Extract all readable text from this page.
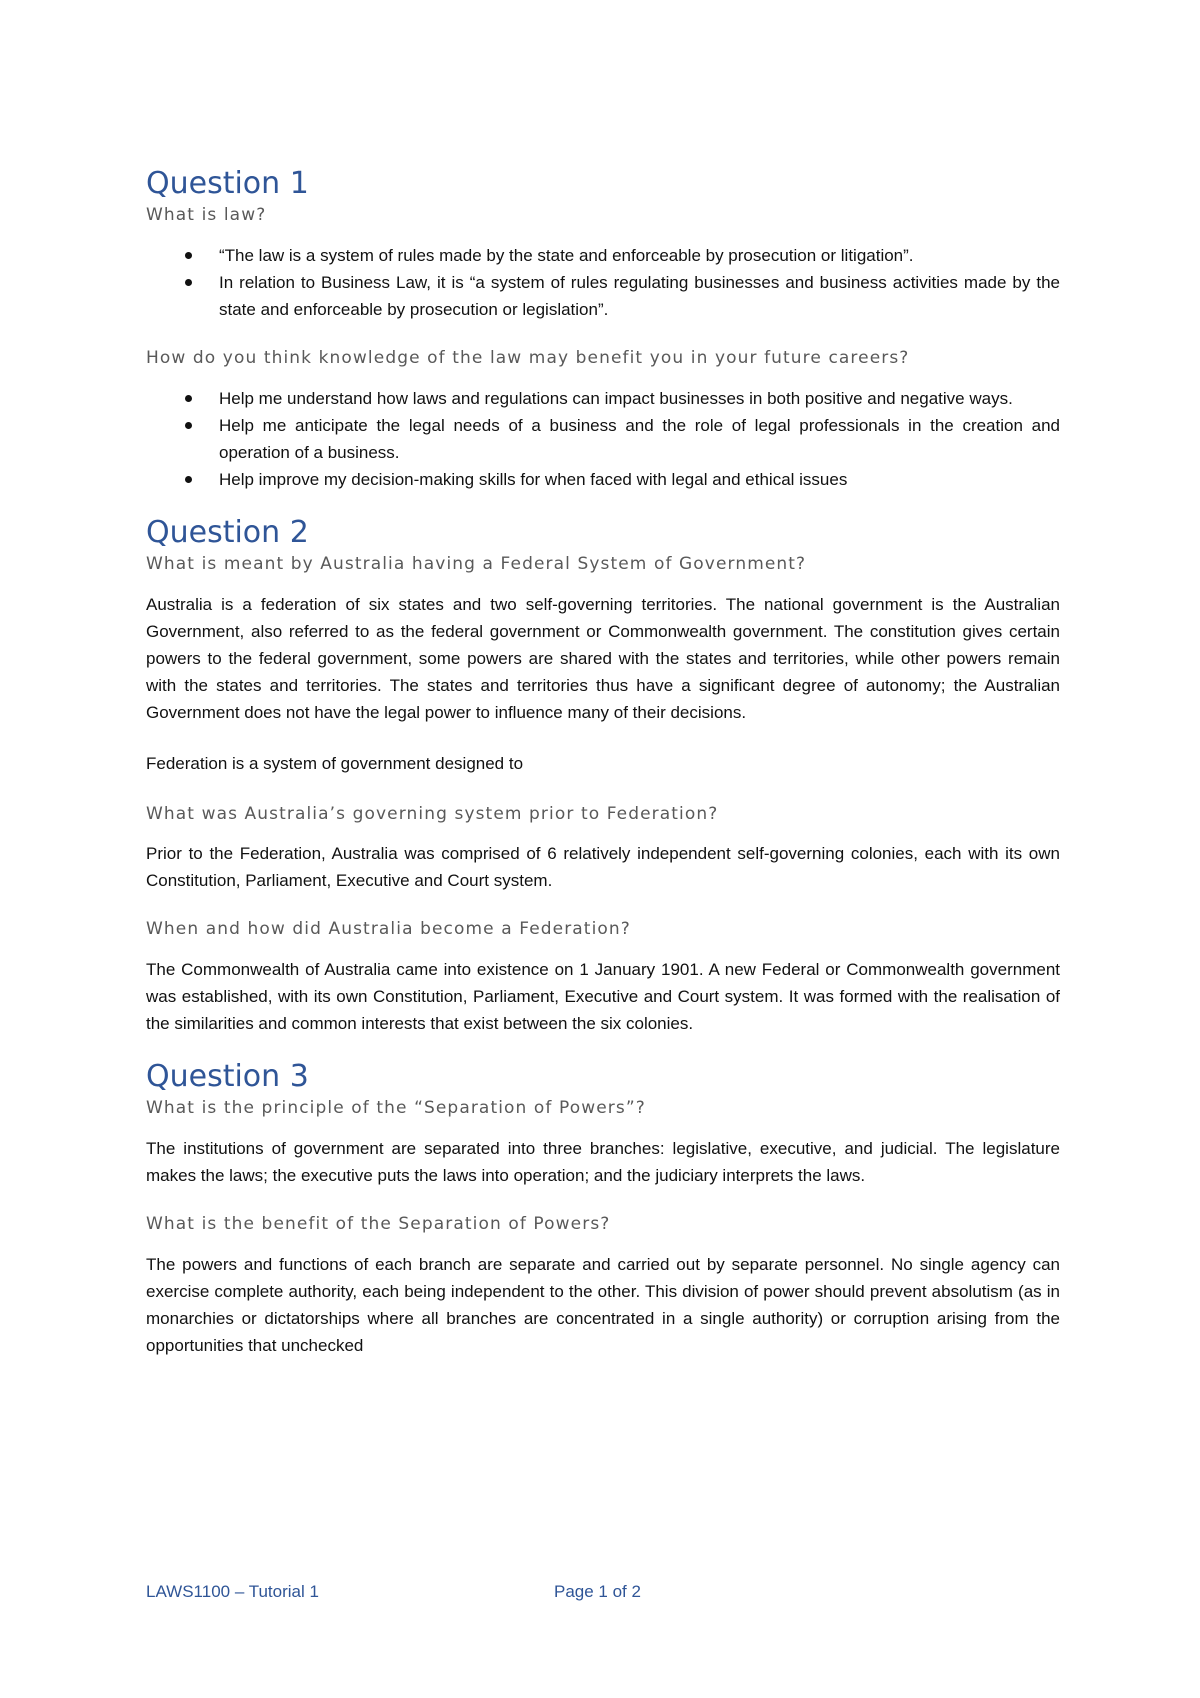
Question 1

What is law?

“The law is a system of rules made by the state and enforceable by prosecution or litigation”.
In relation to Business Law, it is “a system of rules regulating businesses and business activities made by the state and enforceable by prosecution or legislation”.

How do you think knowledge of the law may benefit you in your future careers?

Help me understand how laws and regulations can impact businesses in both positive and negative ways.
Help me anticipate the legal needs of a business and the role of legal professionals in the creation and operation of a business.
Help improve my decision-making skills for when faced with legal and ethical issues
Question 2

What is meant by Australia having a Federal System of Government?

Australia is a federation of six states and two self-governing territories. The national government is the Australian Government, also referred to as the federal government or Commonwealth government. The constitution gives certain powers to the federal government, some powers are shared with the states and territories, while other powers remain with the states and territories. The states and territories thus have a significant degree of autonomy; the Australian Government does not have the legal power to influence many of their decisions.

Federation is a system of government designed to

What was Australia’s governing system prior to Federation?

Prior to the Federation, Australia was comprised of 6 relatively independent self-governing colonies, each with its own Constitution, Parliament, Executive and Court system.

When and how did Australia become a Federation?

The Commonwealth of Australia came into existence on 1 January 1901. A new Federal or Commonwealth government was established, with its own Constitution, Parliament, Executive and Court system. It was formed with the realisation of the similarities and common interests that exist between the six colonies.

Question 3

What is the principle of the “Separation of Powers”?

The institutions of government are separated into three branches: legislative, executive, and judicial. The legislature makes the laws; the executive puts the laws into operation; and the judiciary interprets the laws.

What is the benefit of the Separation of Powers?

The powers and functions of each branch are separate and carried out by separate personnel. No single agency can exercise complete authority, each being independent to the other. This division of power should prevent absolutism (as in monarchies or dictatorships where all branches are concentrated in a single authority) or corruption arising from the opportunities that unchecked

LAWS1100 – Tutorial 1	Page 1 of 2
